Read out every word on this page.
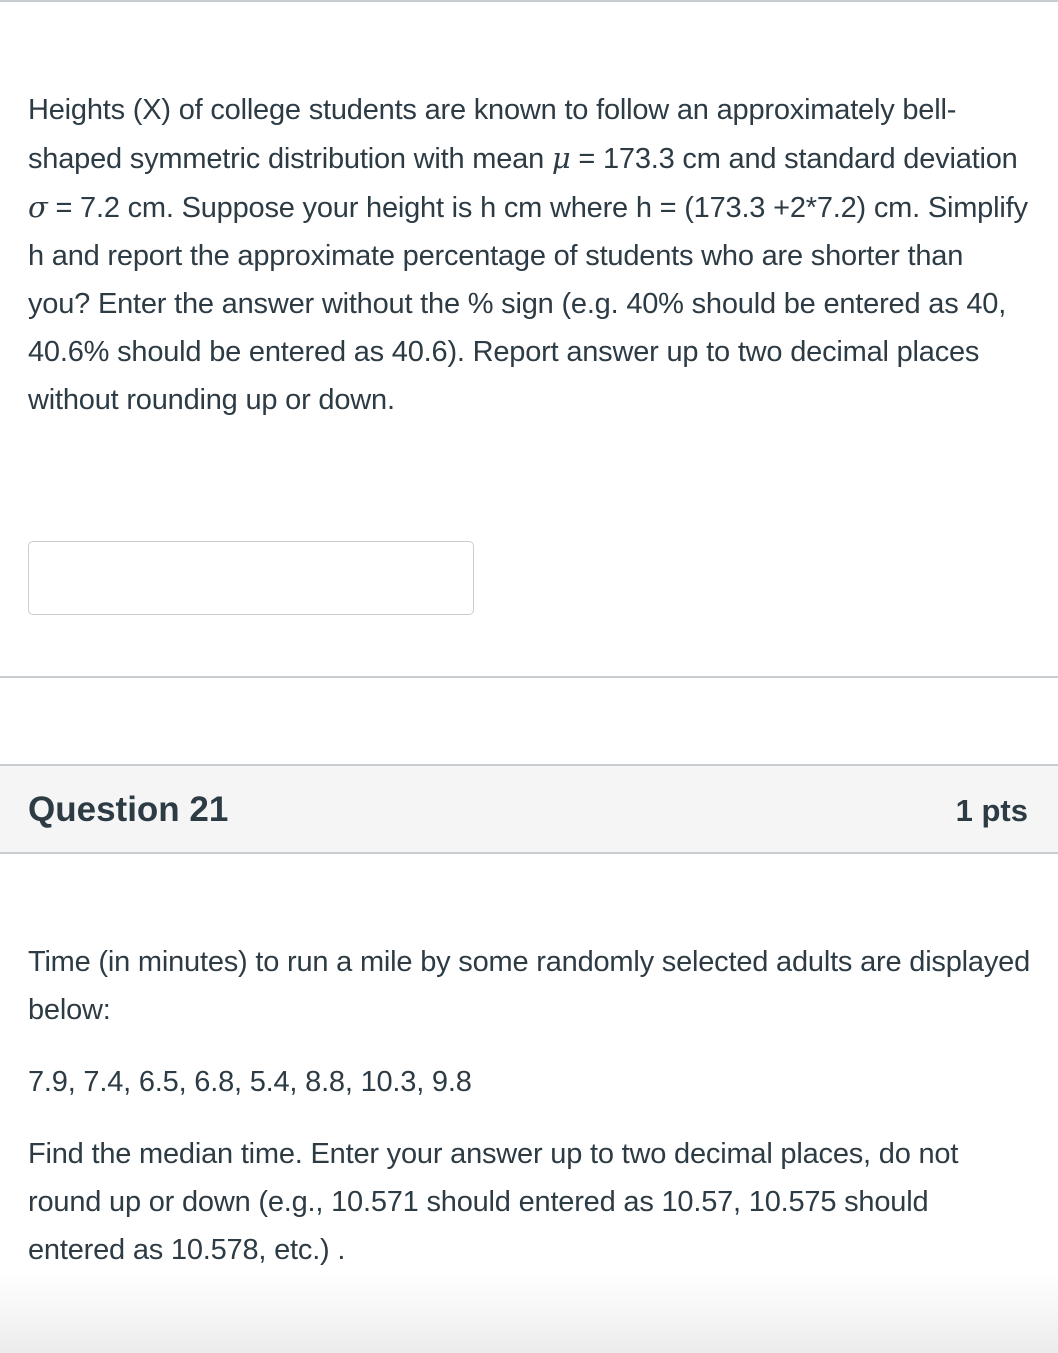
Heights (X) of college students are known to follow an approximately bell-shaped symmetric distribution with mean μ = 173.3 cm and standard deviation σ = 7.2 cm. Suppose your height is h cm where h = (173.3 +2*7.2) cm. Simplify h and report the approximate percentage of students who are shorter than you? Enter the answer without the % sign (e.g. 40% should be entered as 40, 40.6% should be entered as 40.6). Report answer up to two decimal places without rounding up or down.
Question 21	1 pts

Time (in minutes) to run a mile by some randomly selected adults are displayed below:

7.9, 7.4, 6.5, 6.8, 5.4, 8.8, 10.3, 9.8

Find the median time. Enter your answer up to two decimal places, do not round up or down (e.g., 10.571 should entered as 10.57, 10.575 should entered as 10.578, etc.) .
